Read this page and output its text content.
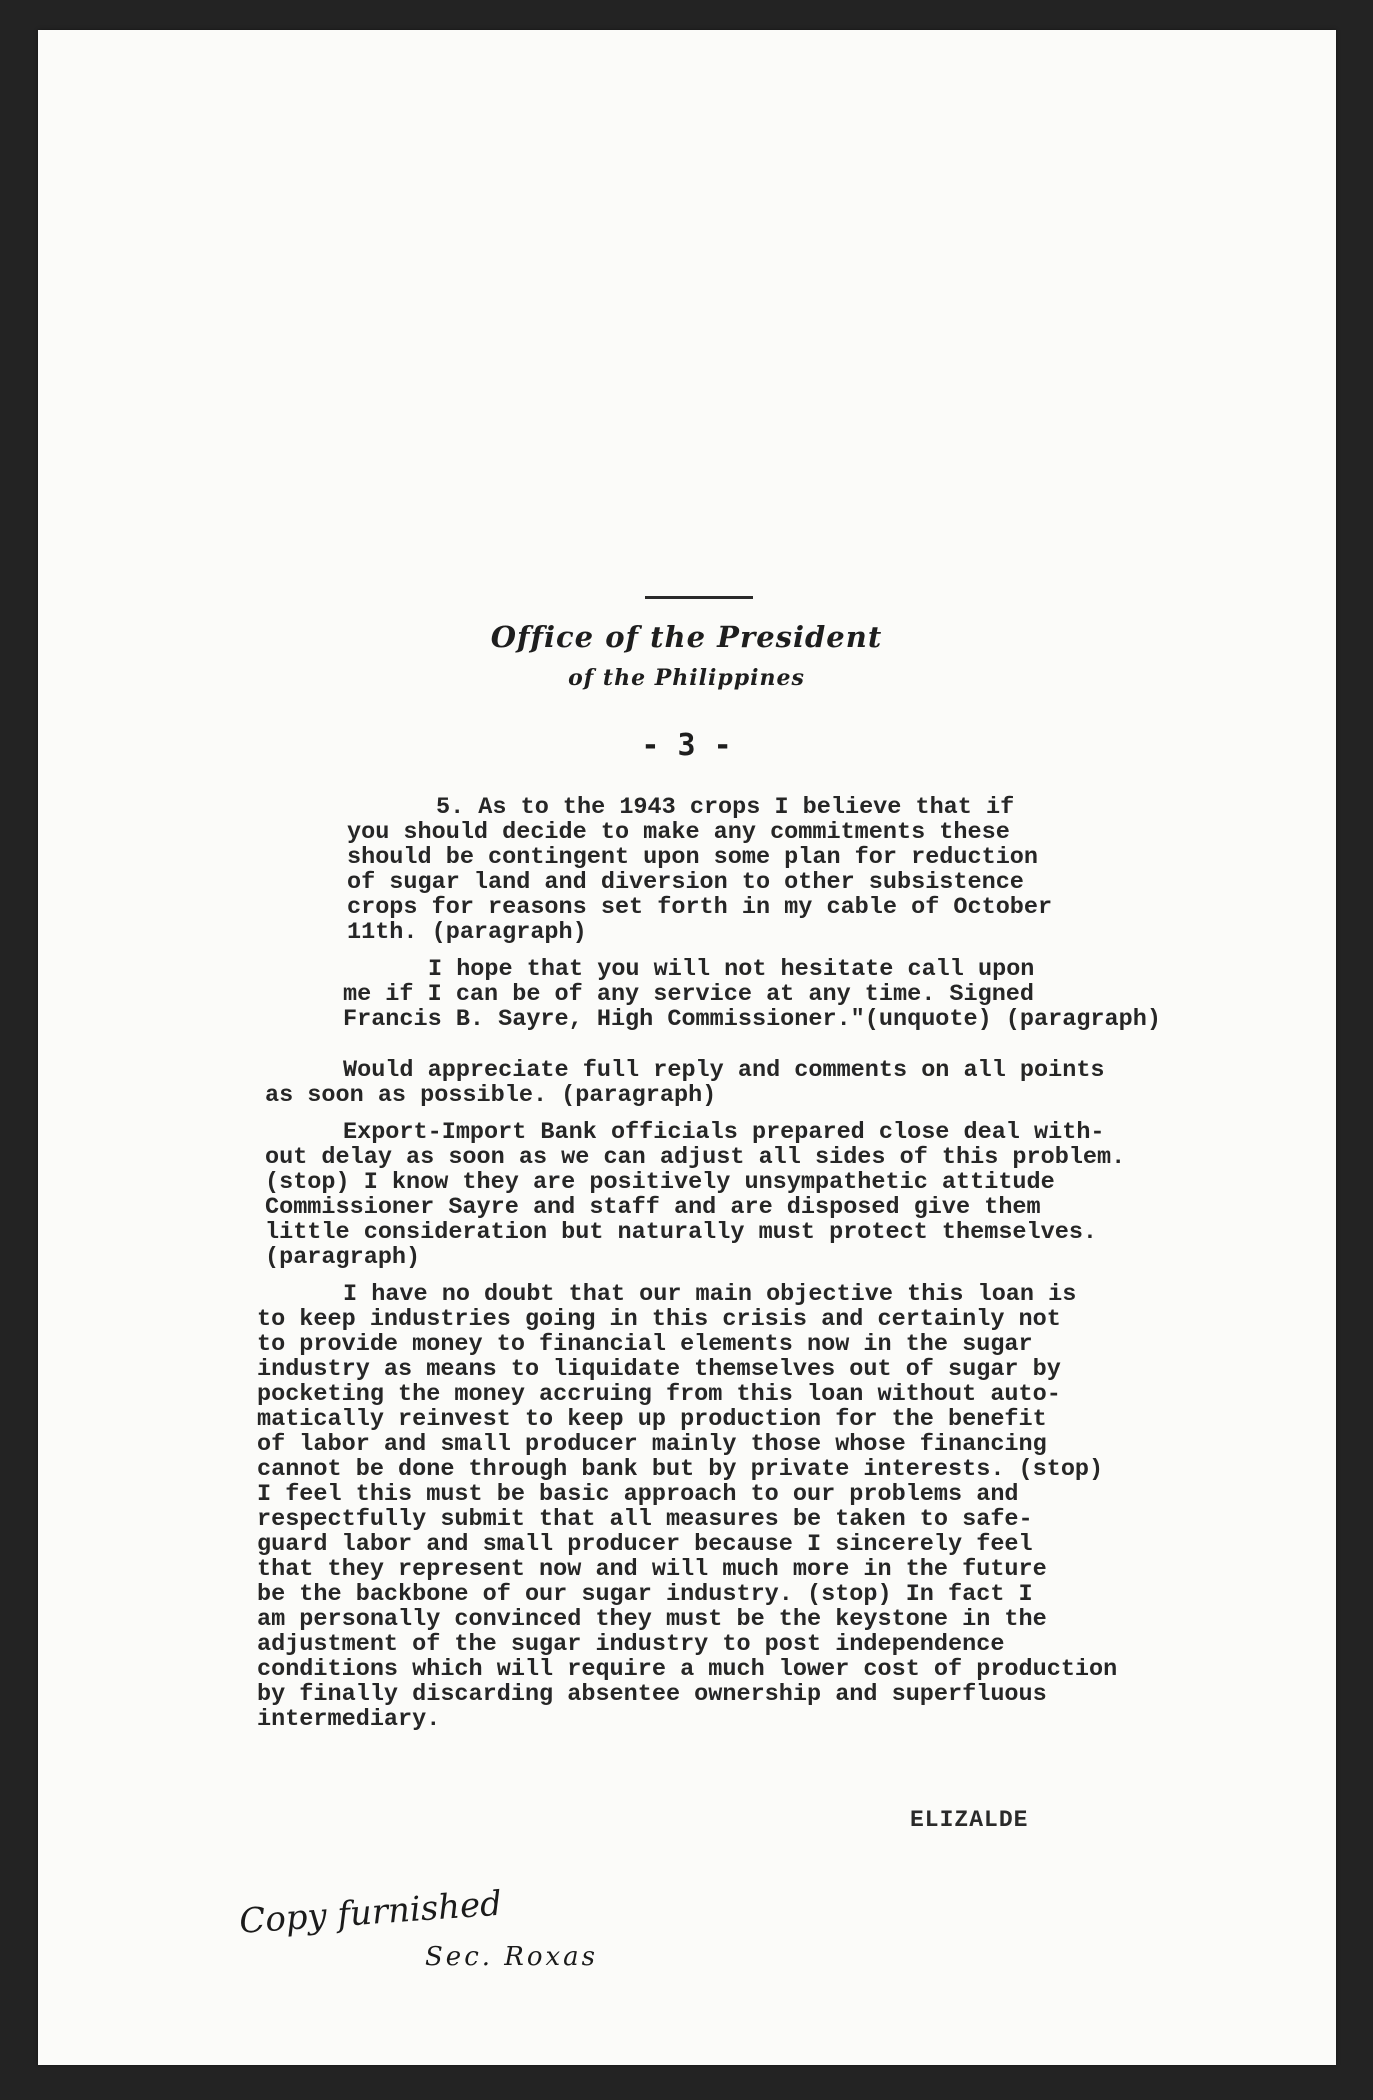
Office of the President
of the Philippines
- 3 -
5. As to the 1943 crops I believe that if
you should decide to make any commitments these
should be contingent upon some plan for reduction
of sugar land and diversion to other subsistence
crops for reasons set forth in my cable of October
11th. (paragraph)
I hope that you will not hesitate call upon
me if I can be of any service at any time. Signed
Francis B. Sayre, High Commissioner."(unquote) (paragraph)
Would appreciate full reply and comments on all points
as soon as possible. (paragraph)
Export-Import Bank officials prepared close deal with-
out delay as soon as we can adjust all sides of this problem.
(stop) I know they are positively unsympathetic attitude
Commissioner Sayre and staff and are disposed give them
little consideration but naturally must protect themselves.
(paragraph)
I have no doubt that our main objective this loan is
to keep industries going in this crisis and certainly not
to provide money to financial elements now in the sugar
industry as means to liquidate themselves out of sugar by
pocketing the money accruing from this loan without auto-
matically reinvest to keep up production for the benefit
of labor and small producer mainly those whose financing
cannot be done through bank but by private interests. (stop)
I feel this must be basic approach to our problems and
respectfully submit that all measures be taken to safe-
guard labor and small producer because I sincerely feel
that they represent now and will much more in the future
be the backbone of our sugar industry. (stop) In fact I
am personally convinced they must be the keystone in the
adjustment of the sugar industry to post independence
conditions which will require a much lower cost of production
by finally discarding absentee ownership and superfluous
intermediary.
ELIZALDE
Copy furnished
Sec. Roxas
